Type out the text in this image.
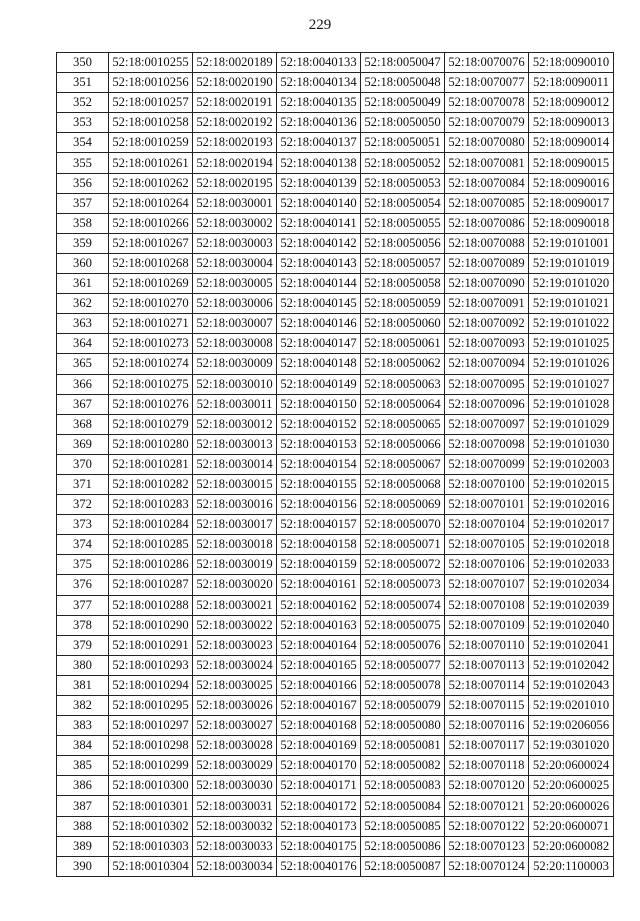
229
350	52:18:0010255	52:18:0020189	52:18:0040133	52:18:0050047	52:18:0070076	52:18:0090010
351	52:18:0010256	52:18:0020190	52:18:0040134	52:18:0050048	52:18:0070077	52:18:0090011
352	52:18:0010257	52:18:0020191	52:18:0040135	52:18:0050049	52:18:0070078	52:18:0090012
353	52:18:0010258	52:18:0020192	52:18:0040136	52:18:0050050	52:18:0070079	52:18:0090013
354	52:18:0010259	52:18:0020193	52:18:0040137	52:18:0050051	52:18:0070080	52:18:0090014
355	52:18:0010261	52:18:0020194	52:18:0040138	52:18:0050052	52:18:0070081	52:18:0090015
356	52:18:0010262	52:18:0020195	52:18:0040139	52:18:0050053	52:18:0070084	52:18:0090016
357	52:18:0010264	52:18:0030001	52:18:0040140	52:18:0050054	52:18:0070085	52:18:0090017
358	52:18:0010266	52:18:0030002	52:18:0040141	52:18:0050055	52:18:0070086	52:18:0090018
359	52:18:0010267	52:18:0030003	52:18:0040142	52:18:0050056	52:18:0070088	52:19:0101001
360	52:18:0010268	52:18:0030004	52:18:0040143	52:18:0050057	52:18:0070089	52:19:0101019
361	52:18:0010269	52:18:0030005	52:18:0040144	52:18:0050058	52:18:0070090	52:19:0101020
362	52:18:0010270	52:18:0030006	52:18:0040145	52:18:0050059	52:18:0070091	52:19:0101021
363	52:18:0010271	52:18:0030007	52:18:0040146	52:18:0050060	52:18:0070092	52:19:0101022
364	52:18:0010273	52:18:0030008	52:18:0040147	52:18:0050061	52:18:0070093	52:19:0101025
365	52:18:0010274	52:18:0030009	52:18:0040148	52:18:0050062	52:18:0070094	52:19:0101026
366	52:18:0010275	52:18:0030010	52:18:0040149	52:18:0050063	52:18:0070095	52:19:0101027
367	52:18:0010276	52:18:0030011	52:18:0040150	52:18:0050064	52:18:0070096	52:19:0101028
368	52:18:0010279	52:18:0030012	52:18:0040152	52:18:0050065	52:18:0070097	52:19:0101029
369	52:18:0010280	52:18:0030013	52:18:0040153	52:18:0050066	52:18:0070098	52:19:0101030
370	52:18:0010281	52:18:0030014	52:18:0040154	52:18:0050067	52:18:0070099	52:19:0102003
371	52:18:0010282	52:18:0030015	52:18:0040155	52:18:0050068	52:18:0070100	52:19:0102015
372	52:18:0010283	52:18:0030016	52:18:0040156	52:18:0050069	52:18:0070101	52:19:0102016
373	52:18:0010284	52:18:0030017	52:18:0040157	52:18:0050070	52:18:0070104	52:19:0102017
374	52:18:0010285	52:18:0030018	52:18:0040158	52:18:0050071	52:18:0070105	52:19:0102018
375	52:18:0010286	52:18:0030019	52:18:0040159	52:18:0050072	52:18:0070106	52:19:0102033
376	52:18:0010287	52:18:0030020	52:18:0040161	52:18:0050073	52:18:0070107	52:19:0102034
377	52:18:0010288	52:18:0030021	52:18:0040162	52:18:0050074	52:18:0070108	52:19:0102039
378	52:18:0010290	52:18:0030022	52:18:0040163	52:18:0050075	52:18:0070109	52:19:0102040
379	52:18:0010291	52:18:0030023	52:18:0040164	52:18:0050076	52:18:0070110	52:19:0102041
380	52:18:0010293	52:18:0030024	52:18:0040165	52:18:0050077	52:18:0070113	52:19:0102042
381	52:18:0010294	52:18:0030025	52:18:0040166	52:18:0050078	52:18:0070114	52:19:0102043
382	52:18:0010295	52:18:0030026	52:18:0040167	52:18:0050079	52:18:0070115	52:19:0201010
383	52:18:0010297	52:18:0030027	52:18:0040168	52:18:0050080	52:18:0070116	52:19:0206056
384	52:18:0010298	52:18:0030028	52:18:0040169	52:18:0050081	52:18:0070117	52:19:0301020
385	52:18:0010299	52:18:0030029	52:18:0040170	52:18:0050082	52:18:0070118	52:20:0600024
386	52:18:0010300	52:18:0030030	52:18:0040171	52:18:0050083	52:18:0070120	52:20:0600025
387	52:18:0010301	52:18:0030031	52:18:0040172	52:18:0050084	52:18:0070121	52:20:0600026
388	52:18:0010302	52:18:0030032	52:18:0040173	52:18:0050085	52:18:0070122	52:20:0600071
389	52:18:0010303	52:18:0030033	52:18:0040175	52:18:0050086	52:18:0070123	52:20:0600082
390	52:18:0010304	52:18:0030034	52:18:0040176	52:18:0050087	52:18:0070124	52:20:1100003
